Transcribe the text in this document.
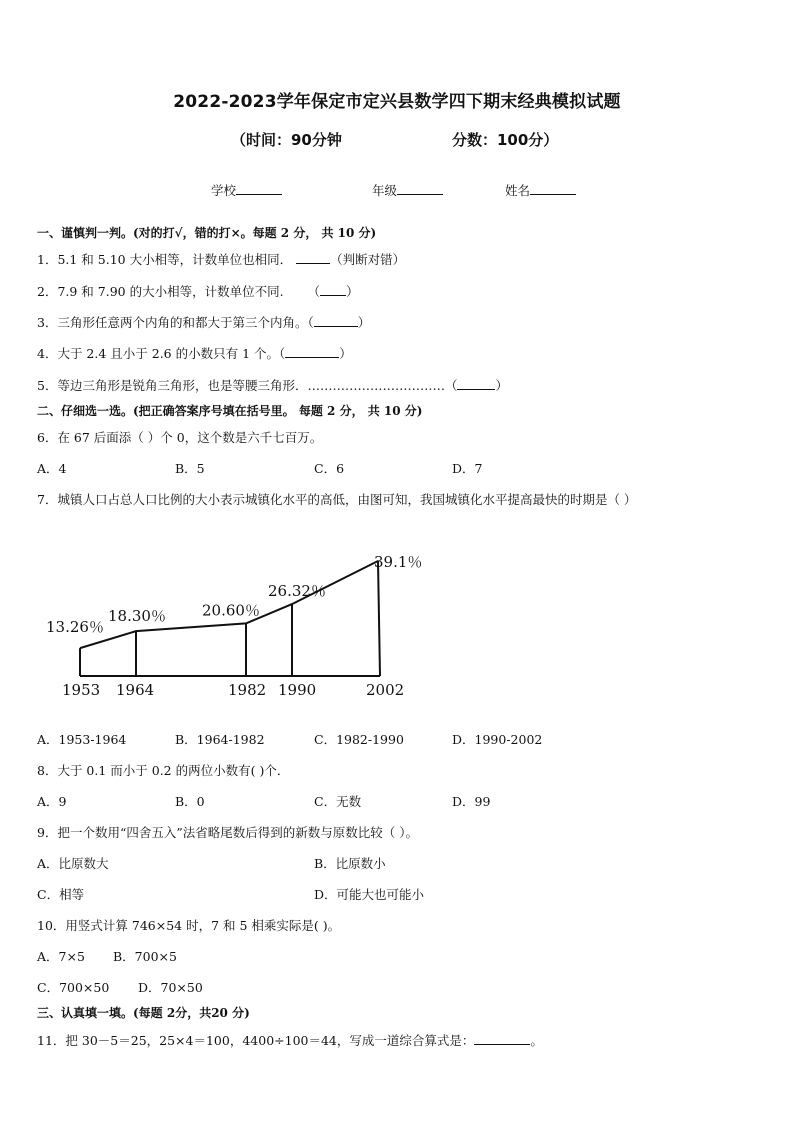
2022-2023学年保定市定兴县数学四下期末经典模拟试题
（时间：90分钟	分数：100分）
学校	年级	姓名
一、谨慎判一判。(对的打√，错的打×。每题 2 分， 共 10 分)
1．5.1 和 5.10 大小相等，计数单位也相同．	（判断对错）
2．7.9 和 7.90 的大小相等，计数单位不同. （ ）
3．三角形任意两个内角的和都大于第三个内角。（	）
4．大于 2.4 且小于 2.6 的小数只有 1 个。（	）
5．等边三角形是锐角三角形，也是等腰三角形．……………………………（	）
二、仔细选一选。(把正确答案序号填在括号里。 每题 2 分， 共 10 分)
6．在 67 后面添（ ）个 0，这个数是六千七百万。
A．4	B．5	C．6	D．7
7．城镇人口占总人口比例的大小表示城镇化水平的高低，由图可知，我国城镇化水平提高最快的时期是（ ）
13.26％
18.30％ 20.60％
26.32％
39.1％
1953 1964	1982 1990	2002
A．1953-1964	B．1964-1982	C．1982-1990	D．1990-2002
8．大于 0.1 而小于 0.2 的两位小数有( )个．
A．9	B．0	C．无数	D．99
9．把一个数用“四舍五入”法省略尾数后得到的新数与原数比较（ ）。
A．比原数大	B．比原数小
C．相等	D．可能大也可能小
10．用竖式计算 746×54 时，7 和 5 相乘实际是( )。
A．7×5 B．700×5
C．700×50 D．70×50
三、认真填一填。(每题 2分，共20 分)
11．把 30－5＝25，25×4＝100，4400÷100＝44，写成一道综合算式是：	。
